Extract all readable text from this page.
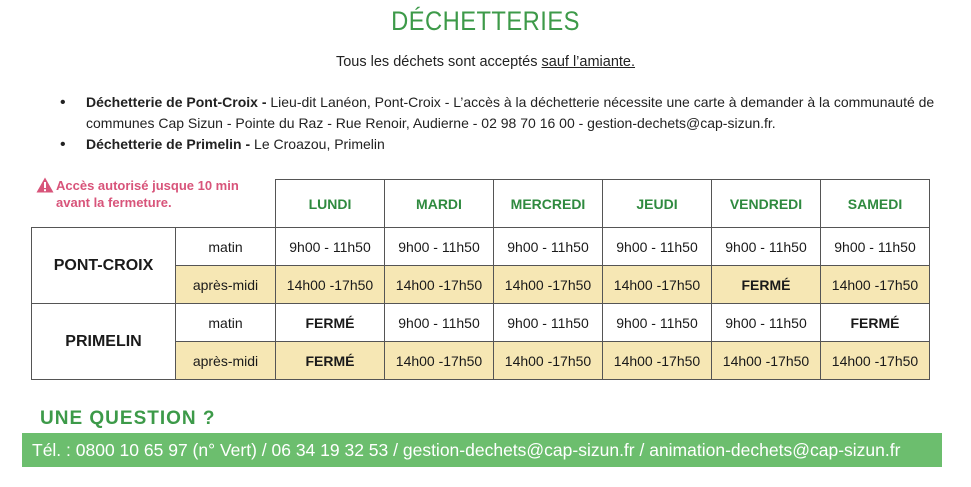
DÉCHETTERIES
Tous les déchets sont acceptés sauf l’amiante.
• Déchetterie de Pont-Croix - Lieu-dit Lanéon, Pont-Croix - L’accès à la déchetterie nécessite une carte à demander à la communauté de communes Cap Sizun - Pointe du Raz - Rue Renoir, Audierne - 02 98 70 16 00 - gestion-dechets@cap-sizun.fr.
• Déchetterie de Primelin - Le Croazou, Primelin
		LUNDI	MARDI	MERCREDI	JEUDI	VENDREDI	SAMEDI
PONT-CROIX	matin	9h00 - 11h50	9h00 - 11h50	9h00 - 11h50	9h00 - 11h50	9h00 - 11h50	9h00 - 11h50
	après-midi	14h00 -17h50	14h00 -17h50	14h00 -17h50	14h00 -17h50	FERMÉ	14h00 -17h50
PRIMELIN	matin	FERMÉ	9h00 - 11h50	9h00 - 11h50	9h00 - 11h50	9h00 - 11h50	FERMÉ
	après-midi	FERMÉ	14h00 -17h50	14h00 -17h50	14h00 -17h50	14h00 -17h50	14h00 -17h50
Accès autorisé jusque 10 min avant la fermeture.
UNE QUESTION ?
Tél. : 0800 10 65 97 (n° Vert) / 06 34 19 32 53 / gestion-dechets@cap-sizun.fr / animation-dechets@cap-sizun.fr
